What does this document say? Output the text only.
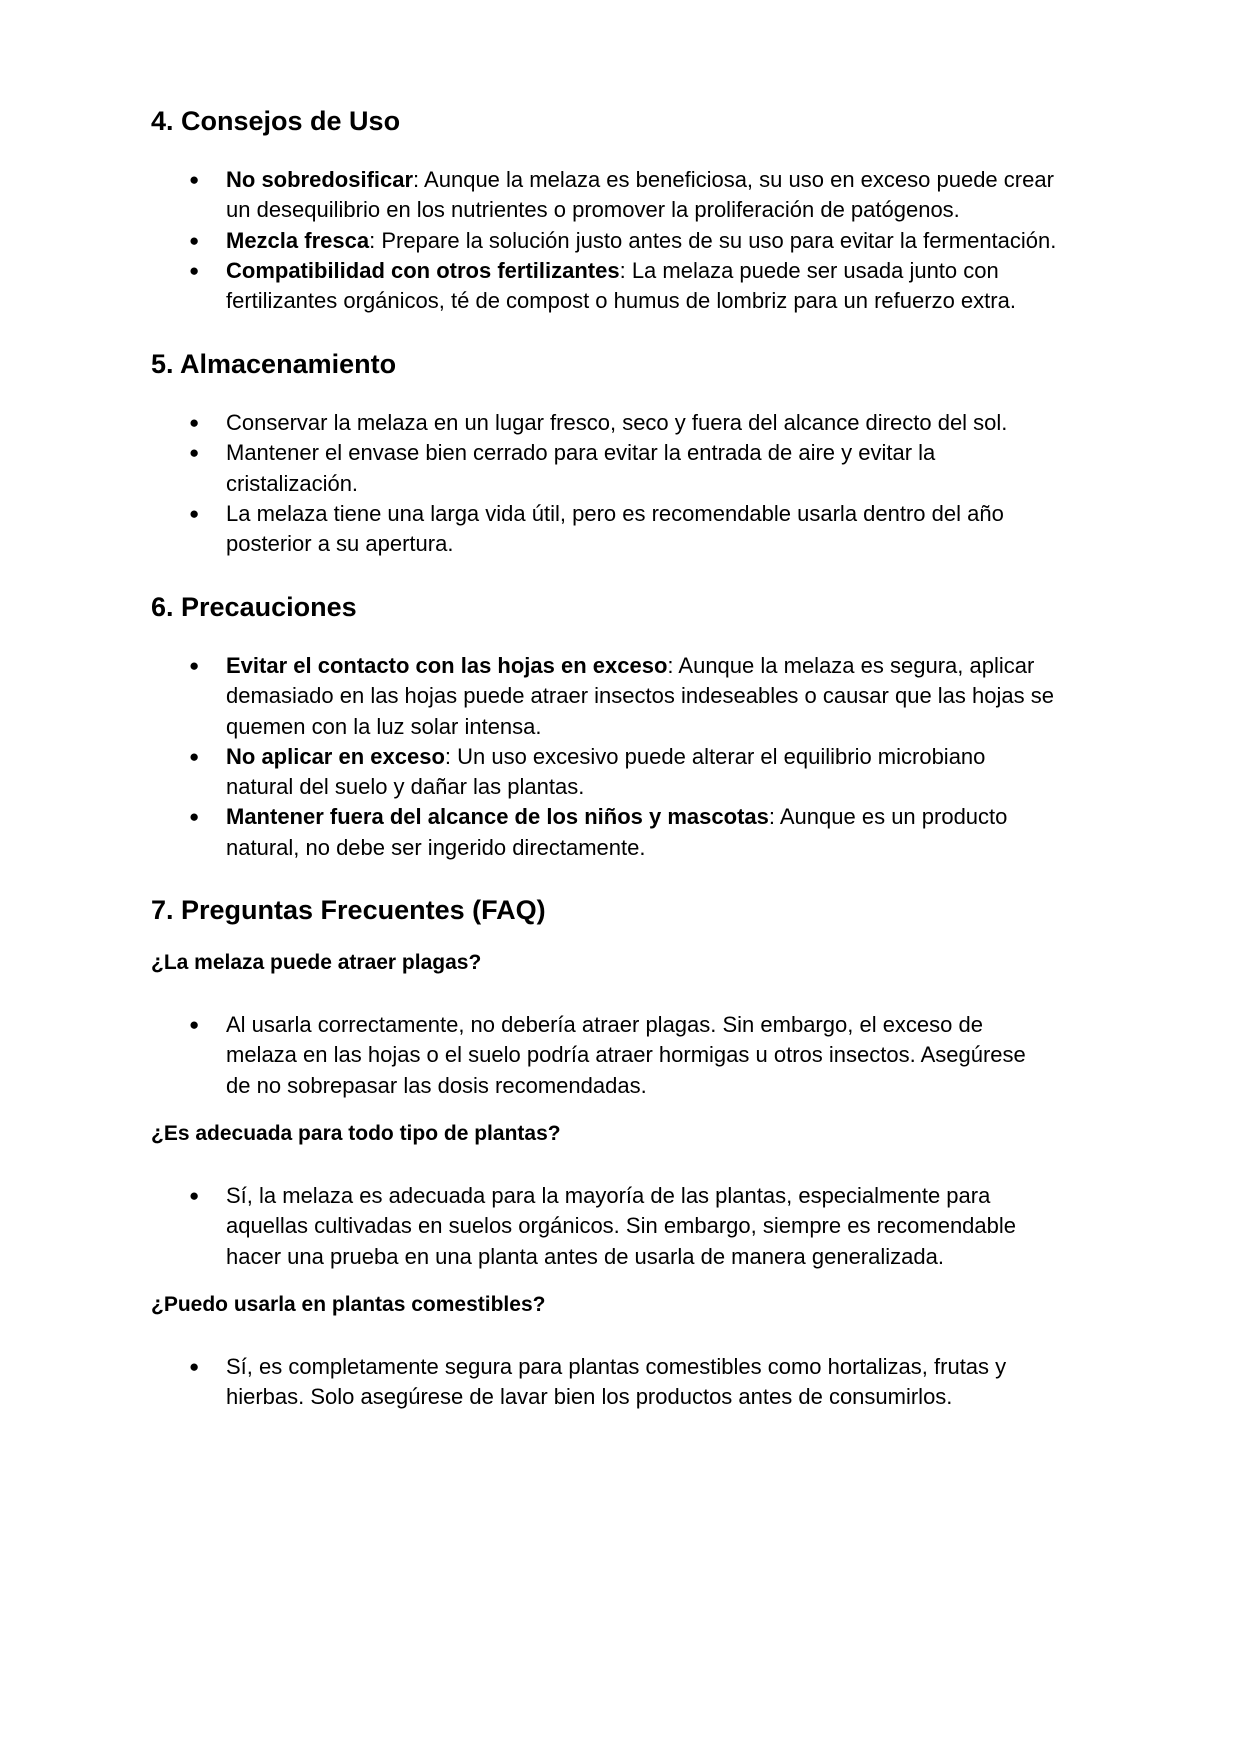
4. Consejos de Uso
● No sobredosificar: Aunque la melaza es beneficiosa, su uso en exceso puede crear
un desequilibrio en los nutrientes o promover la proliferación de patógenos.
● Mezcla fresca: Prepare la solución justo antes de su uso para evitar la fermentación.
● Compatibilidad con otros fertilizantes: La melaza puede ser usada junto con
fertilizantes orgánicos, té de compost o humus de lombriz para un refuerzo extra.
5. Almacenamiento
● Conservar la melaza en un lugar fresco, seco y fuera del alcance directo del sol.
● Mantener el envase bien cerrado para evitar la entrada de aire y evitar la
cristalización.
● La melaza tiene una larga vida útil, pero es recomendable usarla dentro del año
posterior a su apertura.
6. Precauciones
● Evitar el contacto con las hojas en exceso: Aunque la melaza es segura, aplicar
demasiado en las hojas puede atraer insectos indeseables o causar que las hojas se
quemen con la luz solar intensa.
● No aplicar en exceso: Un uso excesivo puede alterar el equilibrio microbiano
natural del suelo y dañar las plantas.
● Mantener fuera del alcance de los niños y mascotas: Aunque es un producto
natural, no debe ser ingerido directamente.
7. Preguntas Frecuentes (FAQ)
¿La melaza puede atraer plagas?
● Al usarla correctamente, no debería atraer plagas. Sin embargo, el exceso de
melaza en las hojas o el suelo podría atraer hormigas u otros insectos. Asegúrese
de no sobrepasar las dosis recomendadas.
¿Es adecuada para todo tipo de plantas?
● Sí, la melaza es adecuada para la mayoría de las plantas, especialmente para
aquellas cultivadas en suelos orgánicos. Sin embargo, siempre es recomendable
hacer una prueba en una planta antes de usarla de manera generalizada.
¿Puedo usarla en plantas comestibles?
● Sí, es completamente segura para plantas comestibles como hortalizas, frutas y
hierbas. Solo asegúrese de lavar bien los productos antes de consumirlos.
